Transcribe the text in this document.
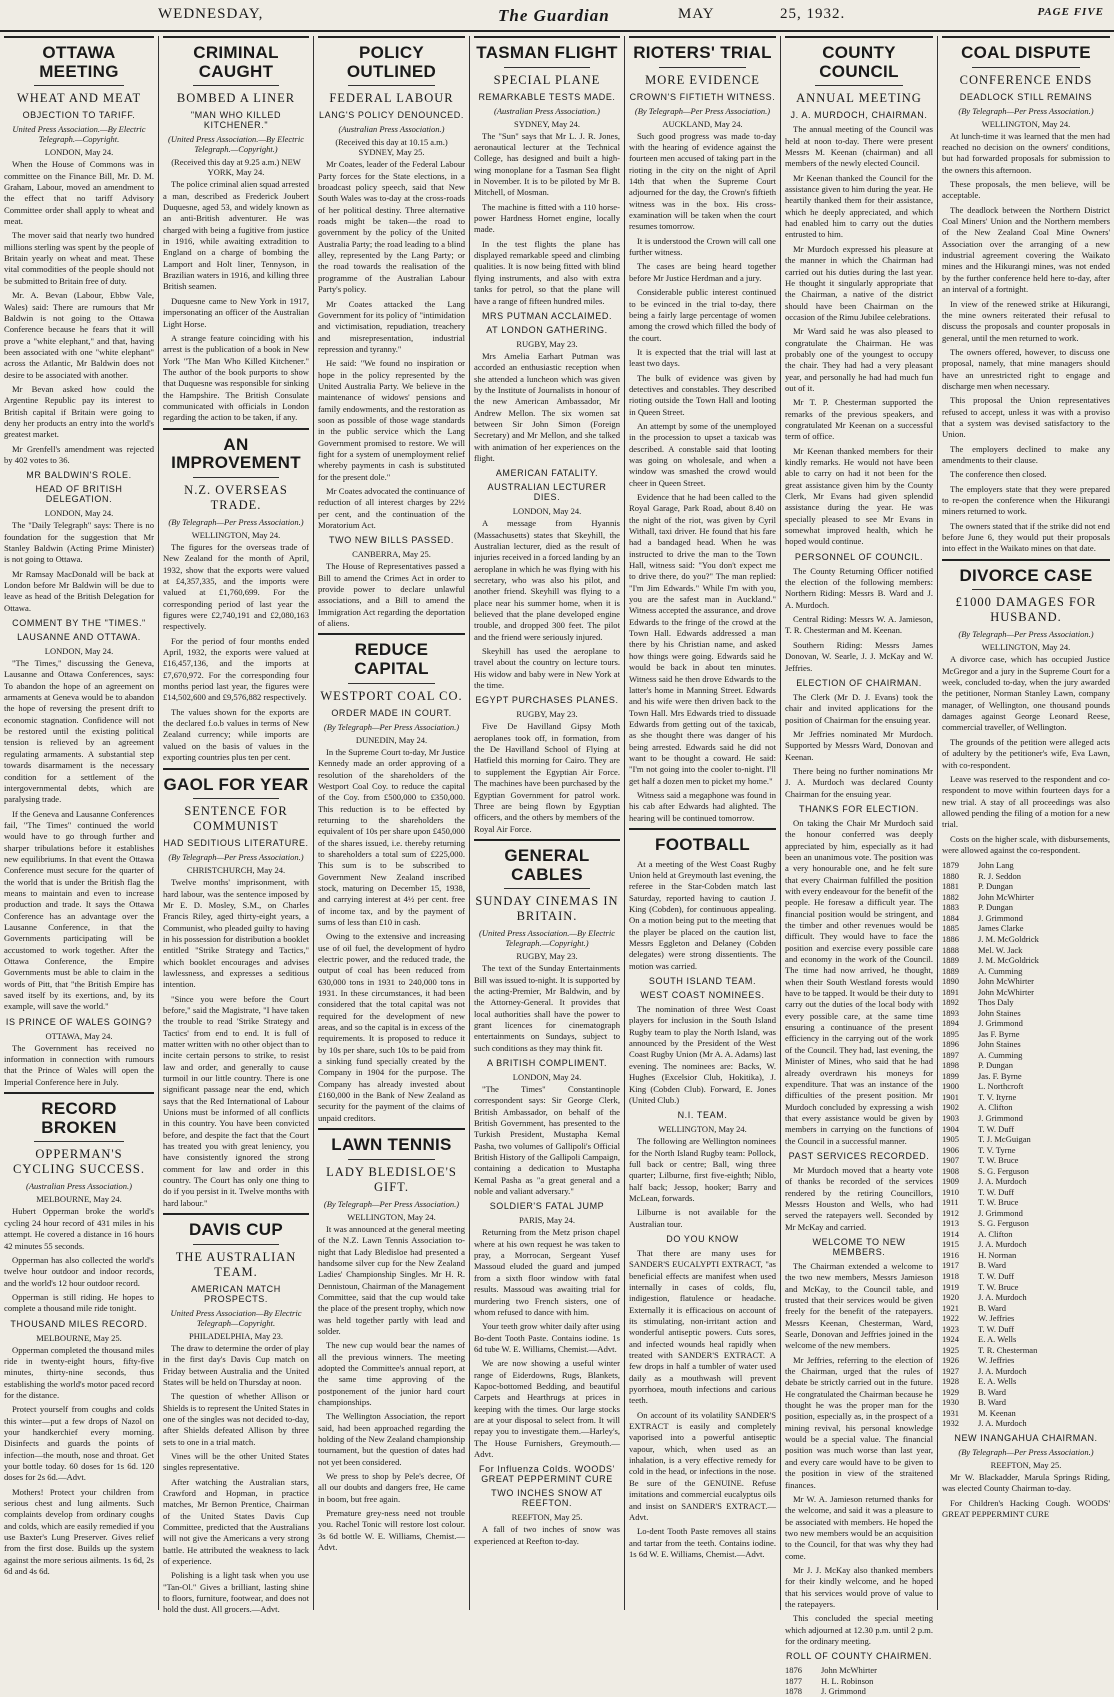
WEDNESDAY,	The Guardian	MAY	25, 1932.	PAGE FIVE
OTTAWA MEETING
WHEAT AND MEAT
OBJECTION TO TARIFF.
United Press Association.—By Electric Telegraph.—Copyright.
LONDON, May 24.

When the House of Commons was in committee on the Finance Bill, Mr. D. M. Graham, Labour, moved an amendment to the effect that no tariff Advisory Committee order shall apply to wheat and meat.

The mover said that nearly two hundred millions sterling was spent by the people of Britain yearly on wheat and meat. These vital commodities of the people should not be submitted to Britain free of duty.

Mr. A. Bevan (Labour, Ebbw Vale, Wales) said: There are rumours that Mr Baldwin is not going to the Ottawa Conference because he fears that it will prove a "white elephant," and that, having been associated with one "white elephant" across the Atlantic, Mr Baldwin does not desire to be associated with another.

Mr Bevan asked how could the Argentine Republic pay its interest to British capital if Britain were going to deny her products an entry into the world's greatest market.

Mr Grenfell's amendment was rejected by 402 votes to 36.

MR BALDWIN'S ROLE.
HEAD OF BRITISH DELEGATION.
LONDON, May 24.

The "Daily Telegraph" says: There is no foundation for the suggestion that Mr Stanley Baldwin (Acting Prime Minister) is not going to Ottawa.

Mr Ramsay MacDonald will be back at London before Mr Baldwin will be due to leave as head of the British Delegation for Ottawa.

COMMENT BY THE "TIMES."
LAUSANNE AND OTTAWA.
LONDON, May 24.

"The Times," discussing the Geneva, Lausanne and Ottawa Conferences, says: To abandon the hope of an agreement on armaments at Geneva would be to abandon the hope of reversing the present drift to economic stagnation. Confidence will not be restored until the existing political tension is relieved by an agreement regulating armaments. A substantial step towards disarmament is the necessary condition for a settlement of the intergovernmental debts, which are paralysing trade.

If the Geneva and Lausanne Conferences fail, "The Times" continued the world would have to go through further and sharper tribulations before it establishes new equilibriums. In that event the Ottawa Conference must secure for the quarter of the world that is under the British flag the means to maintain and even to increase production and trade. It says the Ottawa Conference has an advantage over the Lausanne Conference, in that the Governments participating will be accustomed to work together. After the Ottawa Conference, the Empire Governments must be able to claim in the words of Pitt, that "the British Empire has saved itself by its exertions, and, by its example, will save the world."

IS PRINCE OF WALES GOING?
OTTAWA, May 24.

The Government has received no information in connection with rumours that the Prince of Wales will open the Imperial Conference here in July.

RECORD BROKEN
OPPERMAN'S CYCLING SUCCESS.
(Australian Press Association.)
MELBOURNE, May 24.

Hubert Opperman broke the world's cycling 24 hour record of 431 miles in his attempt. He covered a distance in 16 hours 42 minutes 55 seconds.

Opperman has also collected the world's twelve hour outdoor and indoor records, and the world's 12 hour outdoor record.

Opperman is still riding. He hopes to complete a thousand mile ride tonight.

THOUSAND MILES RECORD.
MELBOURNE, May 25.

Opperman completed the thousand miles ride in twenty-eight hours, fifty-five minutes, thirty-nine seconds, thus establishing the world's motor paced record for the distance.

Protect yourself from coughs and colds this winter—put a few drops of Nazol on your handkerchief every morning. Disinfects and guards the points of infection—the mouth, nose and throat. Get your bottle today. 60 doses for 1s 6d. 120 doses for 2s 6d.—Advt.

Mothers! Protect your children from serious chest and lung ailments. Such complaints develop from ordinary coughs and colds, which are easily remedied if you use Baxter's Lung Preserver. Gives relief from the first dose. Builds up the system against the more serious ailments. 1s 6d, 2s 6d and 4s 6d.

CRIMINAL CAUGHT
BOMBED A LINER
"MAN WHO KILLED KITCHENER."
(United Press Association.—By Electric Telegraph.—Copyright.)
(Received this day at 9.25 a.m.) NEW YORK, May 24.

The police criminal alien squad arrested a man, described as Frederick Joubert Duquesne, aged 53, and widely known as an anti-British adventurer. He was charged with being a fugitive from justice in 1916, while awaiting extradition to England on a charge of bombing the Lamport and Holt liner, Tennyson, in Brazilian waters in 1916, and killing three British seamen.

Duquesne came to New York in 1917, impersonating an officer of the Australian Light Horse.

A strange feature coinciding with his arrest is the publication of a book in New York "The Man Who Killed Kitchener." The author of the book purports to show that Duquesne was responsible for sinking the Hampshire. The British Consulate communicated with officials in London regarding the action to be taken, if any.

AN IMPROVEMENT
N.Z. OVERSEAS TRADE.
(By Telegraph—Per Press Association.)
WELLINGTON, May 24.

The figures for the overseas trade of New Zealand for the month of April, 1932, show that the exports were valued at £4,357,335, and the imports were valued at £1,760,699. For the corresponding period of last year the figures were £2,740,191 and £2,080,163 respectively.

For the period of four months ended April, 1932, the exports were valued at £16,457,136, and the imports at £7,670,972. For the corresponding four months period last year, the figures were £14,502,600 and £9,576,882 respectively.

The values shown for the exports are the declared f.o.b values in terms of New Zealand currency; while imports are valued on the basis of values in the exporting countries plus ten per cent.

GAOL FOR YEAR
SENTENCE FOR COMMUNIST
HAD SEDITIOUS LITERATURE.
(By Telegraph—Per Press Association.)
CHRISTCHURCH, May 24.

Twelve months' imprisonment, with hard labour, was the sentence imposed by Mr E. D. Mosley, S.M., on Charles Francis Riley, aged thirty-eight years, a Communist, who pleaded guilty to having in his possession for distribution a booklet entitled "Strike Strategy and Tactics," which booklet encourages and advises lawlessness, and expresses a seditious intention.

"Since you were before the Court before," said the Magistrate, "I have taken the trouble to read 'Strike Strategy and Tactics' from end to end. It is full of matter written with no other object than to incite certain persons to strike, to resist law and order, and generally to cause turmoil in our little country. There is one significant passage near the end, which says that the Red International of Labour Unions must be informed of all conflicts in this country. You have been convicted before, and despite the fact that the Court has treated you with great leniency, you have consistently ignored the strong comment for law and order in this country. The Court has only one thing to do if you persist in it. Twelve months with hard labour."

DAVIS CUP
THE AUSTRALIAN TEAM.
AMERICAN MATCH PROSPECTS.
United Press Association—By Electric Telegraph—Copyright.
PHILADELPHIA, May 23.

The draw to determine the order of play in the first day's Davis Cup match on Friday between Australia and the United States will be held on Thursday at noon.

The question of whether Allison or Shields is to represent the United States in one of the singles was not decided to-day, after Shields defeated Allison by three sets to one in a trial match.

Vines will be the other United States singles representative.

After watching the Australian stars, Crawford and Hopman, in practice matches, Mr Bernon Prentice, Chairman of the United States Davis Cup Committee, predicted that the Australians will not give the Americans a very strong battle. He attributed the weakness to lack of experience.

Polishing is a light task when you use "Tan-Ol." Gives a brilliant, lasting shine to floors, furniture, footwear, and does not hold the dust. All grocers.—Advt.

POLICY OUTLINED
FEDERAL LABOUR
LANG'S POLICY DENOUNCED.
(Australian Press Association.)
(Received this day at 10.15 a.m.) SYDNEY, May 25.

Mr Coates, leader of the Federal Labour Party forces for the State elections, in a broadcast policy speech, said that New South Wales was to-day at the cross-roads of her political destiny. Three alternative roads might be taken—the road to government by the policy of the United Australia Party; the road leading to a blind alley, represented by the Lang Party; or the road towards the realisation of the programme of the Australian Labour Party's policy.

Mr Coates attacked the Lang Government for its policy of "intimidation and victimisation, repudiation, treachery and misrepresentation, industrial repression and tyranny."

He said: "We found no inspiration or hope in the policy represented by the United Australia Party. We believe in the maintenance of widows' pensions and family endowments, and the restoration as soon as possible of those wage standards in the public service which the Lang Government promised to restore. We will fight for a system of unemployment relief whereby payments in cash is substituted for the present dole."

Mr Coates advocated the continuance of reduction of all interest charges by 22½ per cent, and the continuation of the Moratorium Act.

TWO NEW BILLS PASSED.
CANBERRA, May 25.

The House of Representatives passed a Bill to amend the Crimes Act in order to provide power to declare unlawful associations, and a Bill to amend the Immigration Act regarding the deportation of aliens.

REDUCE CAPITAL
WESTPORT COAL CO.
ORDER MADE IN COURT.
(By Telegraph—Per Press Association.)
DUNEDIN, May 24.

In the Supreme Court to-day, Mr Justice Kennedy made an order approving of a resolution of the shareholders of the Westport Coal Coy. to reduce the capital of the Coy. from £500,000 to £350,000. This reduction is to be effected by returning to the shareholders the equivalent of 10s per share upon £450,000 of the shares issued, i.e. thereby returning to shareholders a total sum of £225,000. This sum is to be subscribed to Government New Zealand inscribed stock, maturing on December 15, 1938, and carrying interest at 4½ per cent. free of income tax, and by the payment of sums of less than £10 in cash.

Owing to the extensive and increasing use of oil fuel, the development of hydro electric power, and the reduced trade, the output of coal has been reduced from 630,000 tons in 1931 to 240,000 tons in 1931. In these circumstances, it had been considered that the total capital was not required for the development of new areas, and so the capital is in excess of the requirements. It is proposed to reduce it by 10s per share, such 10s to be paid from a sinking fund specially created by the Company in 1904 for the purpose. The Company has already invested about £160,000 in the Bank of New Zealand as security for the payment of the claims of unpaid creditors.

LAWN TENNIS
LADY BLEDISLOE'S GIFT.
(By Telegraph—Per Press Association.)
WELLINGTON, May 24.

It was announced at the general meeting of the N.Z. Lawn Tennis Association to-night that Lady Bledisloe had presented a handsome silver cup for the New Zealand Ladies' Championship Singles. Mr H. R. Dennistoun, Chairman of the Management Committee, said that the cup would take the place of the present trophy, which now was held together partly with lead and solder.

The new cup would bear the names of all the previous winners. The meeting adopted the Committee's annual report, at the same time approving of the postponement of the junior hard court championships.

The Wellington Association, the report said, had been approached regarding the holding of the New Zealand championship tournament, but the question of dates had not yet been considered.

We press to shop by Pele's decree, Of all our doubts and dangers free, He came in boom, but free again.

Premature grey-ness need not trouble you. Rachel Tonic will restore lost colour. 3s 6d bottle W. E. Williams, Chemist.—Advt.

TASMAN FLIGHT
SPECIAL PLANE
REMARKABLE TESTS MADE.
(Australian Press Association.)
SYDNEY, May 24.

The "Sun" says that Mr L. J. R. Jones, aeronautical lecturer at the Technical College, has designed and built a high-wing monoplane for a Tasman Sea flight in November. It is to be piloted by Mr B. Mitchell, of Mosman.

The machine is fitted with a 110 horse-power Hardness Hornet engine, locally made.

In the test flights the plane has displayed remarkable speed and climbing qualities. It is now being fitted with blind flying instruments, and also with extra tanks for petrol, so that the plane will have a range of fifteen hundred miles.

MRS PUTMAN ACCLAIMED.
AT LONDON GATHERING.
RUGBY, May 23.

Mrs Amelia Earhart Putman was accorded an enthusiastic reception when she attended a luncheon which was given by the Institute of Journalists in honour of the new American Ambassador, Mr Andrew Mellon. The six women sat between Sir John Simon (Foreign Secretary) and Mr Mellon, and she talked with animation of her experiences on the flight.

AMERICAN FATALITY.
AUSTRALIAN LECTURER DIES.
LONDON, May 24.

A message from Hyannis (Massachusetts) states that Skeyhill, the Australian lecturer, died as the result of injuries received in a forced landing by an aeroplane in which he was flying with his secretary, who was also his pilot, and another friend. Skeyhill was flying to a place near his summer home, when it is believed that the plane developed engine trouble, and dropped 300 feet. The pilot and the friend were seriously injured.

Skeyhill has used the aeroplane to travel about the country on lecture tours. His widow and baby were in New York at the time.

EGYPT PURCHASES PLANES.
RUGBY, May 23.

Five De Havilland Gipsy Moth aeroplanes took off, in formation, from the De Havilland School of Flying at Hatfield this morning for Cairo. They are to supplement the Egyptian Air Force. The machines have been purchased by the Egyptian Government for patrol work. Three are being flown by Egyptian officers, and the others by members of the Royal Air Force.

GENERAL CABLES
SUNDAY CINEMAS IN BRITAIN.
(United Press Association.—By Electric Telegraph.—Copyright.)
RUGBY, May 23.

The text of the Sunday Entertainments Bill was issued to-night. It is supported by the acting-Premier, Mr Baldwin, and by the Attorney-General. It provides that local authorities shall have the power to grant licences for cinematograph entertainments on Sundays, subject to such conditions as they may think fit.

A BRITISH COMPLIMENT.
LONDON, May 24.

"The Times" Constantinople correspondent says: Sir George Clerk, British Ambassador, on behalf of the British Government, has presented to the Turkish President, Mustapha Kemal Pasha, two volumes of Gallipoli's Official British History of the Gallipoli Campaign, containing a dedication to Mustapha Kemal Pasha as "a great general and a noble and valiant adversary."

SOLDIER'S FATAL JUMP
PARIS, May 24.

Returning from the Metz prison chapel where at his own request he was taken to pray, a Morrocan, Sergeant Yusef Massoud eluded the guard and jumped from a sixth floor window with fatal results. Massoud was awaiting trial for murdering two French sisters, one of whom refused to dance with him.

Your teeth grow whiter daily after using Bo-dent Tooth Paste. Contains iodine. 1s 6d tube W. E. Williams, Chemist.—Advt.

We are now showing a useful winter range of Eiderdowns, Rugs, Blankets, Kapoc-bottomed Bedding, and beautiful Carpets and Hearthrugs at prices in keeping with the times. Our large stocks are at your disposal to select from. It will repay you to investigate them.—Harley's, The House Furnishers, Greymouth.—Advt.

For Influenza Colds. WOODS' GREAT PEPPERMINT CURE
TWO INCHES SNOW AT REEFTON.
REEFTON, May 25.

A fall of two inches of snow was experienced at Reefton to-day.

RIOTERS' TRIAL
MORE EVIDENCE
CROWN'S FIFTIETH WITNESS.
(By Telegraph—Per Press Association.)
AUCKLAND, May 24.

Such good progress was made to-day with the hearing of evidence against the fourteen men accused of taking part in the rioting in the city on the night of April 14th that when the Supreme Court adjourned for the day, the Crown's fiftieth witness was in the box. His cross-examination will be taken when the court resumes tomorrow.

It is understood the Crown will call one further witness.

The cases are being heard together before Mr Justice Herdman and a jury.

Considerable public interest continued to be evinced in the trial to-day, there being a fairly large percentage of women among the crowd which filled the body of the court.

It is expected that the trial will last at least two days.

The bulk of evidence was given by detectives and constables. They described rioting outside the Town Hall and looting in Queen Street.

An attempt by some of the unemployed in the procession to upset a taxicab was described. A constable said that looting was going on wholesale, and when a window was smashed the crowd would cheer in Queen Street.

Evidence that he had been called to the Royal Garage, Park Road, about 8.40 on the night of the riot, was given by Cyril Withall, taxi driver. He found that his fare had a bandaged head. When he was instructed to drive the man to the Town Hall, witness said: "You don't expect me to drive there, do you?" The man replied: "I'm Jim Edwards." While I'm with you, you are the safest man in Auckland." Witness accepted the assurance, and drove Edwards to the fringe of the crowd at the Town Hall. Edwards addressed a man there by his Christian name, and asked how things were going. Edwards said he would be back in about ten minutes. Witness said he then drove Edwards to the latter's home in Manning Street. Edwards and his wife were then driven back to the Town Hall. Mrs Edwards tried to dissuade Edwards from getting out of the taxicab, as she thought there was danger of his being arrested. Edwards said he did not want to be thought a coward. He said: "I'm not going into the cooler to-night. I'll get half a dozen men to picket my home."

Witness said a megaphone was found in his cab after Edwards had alighted. The hearing will be continued tomorrow.

FOOTBALL

At a meeting of the West Coast Rugby Union held at Greymouth last evening, the referee in the Star-Cobden match last Saturday, reported having to caution J. King (Cobden), for continuous appealing. On a motion being put to the meeting that the player be placed on the caution list, Messrs Eggleton and Delaney (Cobden delegates) were strong dissentients. The motion was carried.

SOUTH ISLAND TEAM.
WEST COAST NOMINEES.

The nomination of three West Coast players for inclusion in the South Island Rugby team to play the North Island, was announced by the President of the West Coast Rugby Union (Mr A. A. Adams) last evening. The nominees are: Backs, W. Hughes (Excelsior Club, Hokitika), J. King (Cobden Club). Forward, E. Jones (United Club.)

N.I. TEAM.
WELLINGTON, May 24.

The following are Wellington nominees for the North Island Rugby team: Pollock, full back or centre; Ball, wing three quarter; Lilburne, first five-eighth; Niblo, half back; Jessop, hooker; Barry and McLean, forwards.

Lilburne is not available for the Australian tour.

DO YOU KNOW

That there are many uses for SANDER'S EUCALYPTI EXTRACT, "as beneficial effects are manifest when used internally in cases of colds, flu, indigestion, flatulence or headache. Externally it is efficacious on account of its stimulating, non-irritant action and wonderful antiseptic powers. Cuts sores, and infected wounds heal rapidly when treated with SANDER'S EXTRACT. A few drops in half a tumbler of water used daily as a mouthwash will prevent pyorrhoea, mouth infections and carious teeth.

On account of its volatility SANDER'S EXTRACT is easily and completely vaporised into a powerful antiseptic vapour, which, when used as an inhalation, is a very effective remedy for cold in the head, or infections in the nose. Be sure of the GENUINE. Refuse imitations and commercial eucalyptus oils and insist on SANDER'S EXTRACT.—Advt.

Lo-dent Tooth Paste removes all stains and tartar from the teeth. Contains iodine. 1s 6d W. E. Williams, Chemist.—Advt.

COUNTY COUNCIL
ANNUAL MEETING
J. A. MURDOCH, CHAIRMAN.

The annual meeting of the Council was held at noon to-day. There were present Messrs M. Keenan (chairman) and all members of the newly elected Council.

Mr Keenan thanked the Council for the assistance given to him during the year. He heartily thanked them for their assistance, which he deeply appreciated, and which had enabled him to carry out the duties entrusted to him.

Mr Murdoch expressed his pleasure at the manner in which the Chairman had carried out his duties during the last year. He thought it singularly appropriate that the Chairman, a native of the district should have been Chairman on the occasion of the Rimu Jubilee celebrations.

Mr Ward said he was also pleased to congratulate the Chairman. He was probably one of the youngest to occupy the chair. They had had a very pleasant year, and personally he had had much fun out of it.

Mr T. P. Chesterman supported the remarks of the previous speakers, and congratulated Mr Keenan on a successful term of office.

Mr Keenan thanked members for their kindly remarks. He would not have been able to carry on had it not been for the great assistance given him by the County Clerk, Mr Evans had given splendid assistance during the year. He was specially pleased to see Mr Evans in somewhat improved health, which he hoped would continue.

PERSONNEL OF COUNCIL.

The County Returning Officer notified the election of the following members: Northern Riding: Messrs B. Ward and J. A. Murdoch.

Central Riding: Messrs W. A. Jamieson, T. R. Chesterman and M. Keenan.

Southern Riding: Messrs James Donovan, W. Searle, J. J. McKay and W. Jeffries.

ELECTION OF CHAIRMAN.

The Clerk (Mr D. J. Evans) took the chair and invited applications for the position of Chairman for the ensuing year.

Mr Jeffries nominated Mr Murdoch. Supported by Messrs Ward, Donovan and Keenan.

There being no further nominations Mr J. A. Murdoch was declared County Chairman for the ensuing year.

THANKS FOR ELECTION.

On taking the Chair Mr Murdoch said the honour conferred was deeply appreciated by him, especially as it had been an unanimous vote. The position was a very honourable one, and he felt sure that every Chairman fulfilled the position with every endeavour for the benefit of the people. He foresaw a difficult year. The financial position would be stringent, and the timber and other revenues would be difficult. They would have to face the position and exercise every possible care and economy in the work of the Council. The time had now arrived, he thought, when their South Westland forests would have to be tapped. It would be their duty to carry out the duties of the local body with every possible care, at the same time ensuring a continuance of the present efficiency in the carrying out of the work of the Council. They had, last evening, the Minister of Mines, who said that he had already overdrawn his moneys for expenditure. That was an instance of the difficulties of the present position. Mr Murdoch concluded by expressing a wish that every assistance would be given by members in carrying on the functions of the Council in a successful manner.

PAST SERVICES RECORDED.

Mr Murdoch moved that a hearty vote of thanks be recorded of the services rendered by the retiring Councillors, Messrs Houston and Wells, who had served the ratepayers well. Seconded by Mr McKay and carried.

WELCOME TO NEW MEMBERS.

The Chairman extended a welcome to the two new members, Messrs Jamieson and McKay, to the Council table, and trusted that their services would be given freely for the benefit of the ratepayers. Messrs Keenan, Chesterman, Ward, Searle, Donovan and Jeffries joined in the welcome of the new members.

Mr Jeffries, referring to the election of the Chairman, urged that the rules of debate be strictly carried out in the future. He congratulated the Chairman because he thought he was the proper man for the position, especially as, in the prospect of a mining revival, his personal knowledge would be a special value. The financial position was much worse than last year, and every care would have to be given to the position in view of the straitened finances.

Mr W. A. Jamieson returned thanks for the welcome, and said it was a pleasure to be associated with members. He hoped the two new members would be an acquisition to the Council, for that was why they had come.

Mr J. J. McKay also thanked members for their kindly welcome, and he hoped that his services would prove of value to the ratepayers.

This concluded the special meeting which adjourned at 12.30 p.m. until 2 p.m. for the ordinary meeting.

ROLL OF COUNTY CHAIRMEN.
1876	John McWhirter
1877	H. L. Robinson
1878	J. Grimmond
COAL DISPUTE
CONFERENCE ENDS
DEADLOCK STILL REMAINS
(By Telegraph—Per Press Association.)
WELLINGTON, May 24.

At lunch-time it was learned that the men had reached no decision on the owners' conditions, but had forwarded proposals for submission to the owners this afternoon.

These proposals, the men believe, will be acceptable.

The deadlock between the Northern District Coal Miners' Union and the Northern members of the New Zealand Coal Mine Owners' Association over the arranging of a new industrial agreement covering the Waikato mines and the Hikurangi mines, was not ended by the further conference held here to-day, after an interval of a fortnight.

In view of the renewed strike at Hikurangi, the mine owners reiterated their refusal to discuss the proposals and counter proposals in general, until the men returned to work.

The owners offered, however, to discuss one proposal, namely, that mine managers should have an unrestricted right to engage and discharge men when necessary.

This proposal the Union representatives refused to accept, unless it was with a proviso that a system was devised satisfactory to the Union.

The employers declined to make any amendments to their clause.

The conference then closed.

The employers state that they were prepared to re-open the conference when the Hikurangi miners returned to work.

The owners stated that if the strike did not end before June 6, they would put their proposals into effect in the Waikato mines on that date.

DIVORCE CASE
£1000 DAMAGES FOR HUSBAND.
(By Telegraph—Per Press Association.)
WELLINGTON, May 24.

A divorce case, which has occupied Justice McGregor and a jury in the Supreme Court for a week, concluded to-day, when the jury awarded the petitioner, Norman Stanley Lawn, company manager, of Wellington, one thousand pounds damages against George Leonard Reese, commercial traveller, of Wellington.

The grounds of the petition were alleged acts of adultery by the petitioner's wife, Eva Lawn, with co-respondent.

Leave was reserved to the respondent and co-respondent to move within fourteen days for a new trial. A stay of all proceedings was also allowed pending the filing of a motion for a new trial.

Costs on the higher scale, with disbursements, were allowed against the co-respondent.

1879	John Lang
1880	R. J. Seddon
1881	P. Dungan
1882	John McWhirter
1883	P. Dungan
1884	J. Grimmond
1885	James Clarke
1886	J. M. McGoldrick
1888	Mel. W. Jack
1889	J. M. McGoldrick
1889	A. Cumming
1890	John McWhirter
1891	John McWhirter
1892	Thos Daly
1893	John Staines
1894	J. Grimmond
1895	Jas F. Byrne
1896	John Staines
1897	A. Cumming
1898	P. Dungan
1899	Jas. F. Byrne
1900	L. Northcroft
1901	T. V. Ityrne
1902	A. Clifton
1903	J. Grimmond
1904	T. W. Duff
1905	T. J. McGuigan
1906	T. V. Tyrne
1907	T. W. Bruce
1908	S. G. Ferguson
1909	J. A. Murdoch
1910	T. W. Duff
1911	T. W. Bruce
1912	J. Grimmond
1913	S. G. Ferguson
1914	A. Clifton
1915	J. A. Murdoch
1916	H. Norman
1917	B. Ward
1918	T. W. Duff
1919	T. W. Bruce
1920	J. A. Murdoch
1921	B. Ward
1922	W. Jeffries
1923	T. W. Duff
1924	E. A. Wells
1925	T. R. Chesterman
1926	W. Jeffries
1927	J. A. Murdoch
1928	E. A. Wells
1929	B. Ward
1930	B. Ward
1931	M. Keenan
1932	J. A. Murdoch
NEW INANGAHUA CHAIRMAN.
(By Telegraph—Per Press Association.)
REEFTON, May 25.

Mr W. Blackadder, Marula Springs Riding, was elected County Chairman to-day.

For Children's Hacking Cough. WOODS' GREAT PEPPERMINT CURE
